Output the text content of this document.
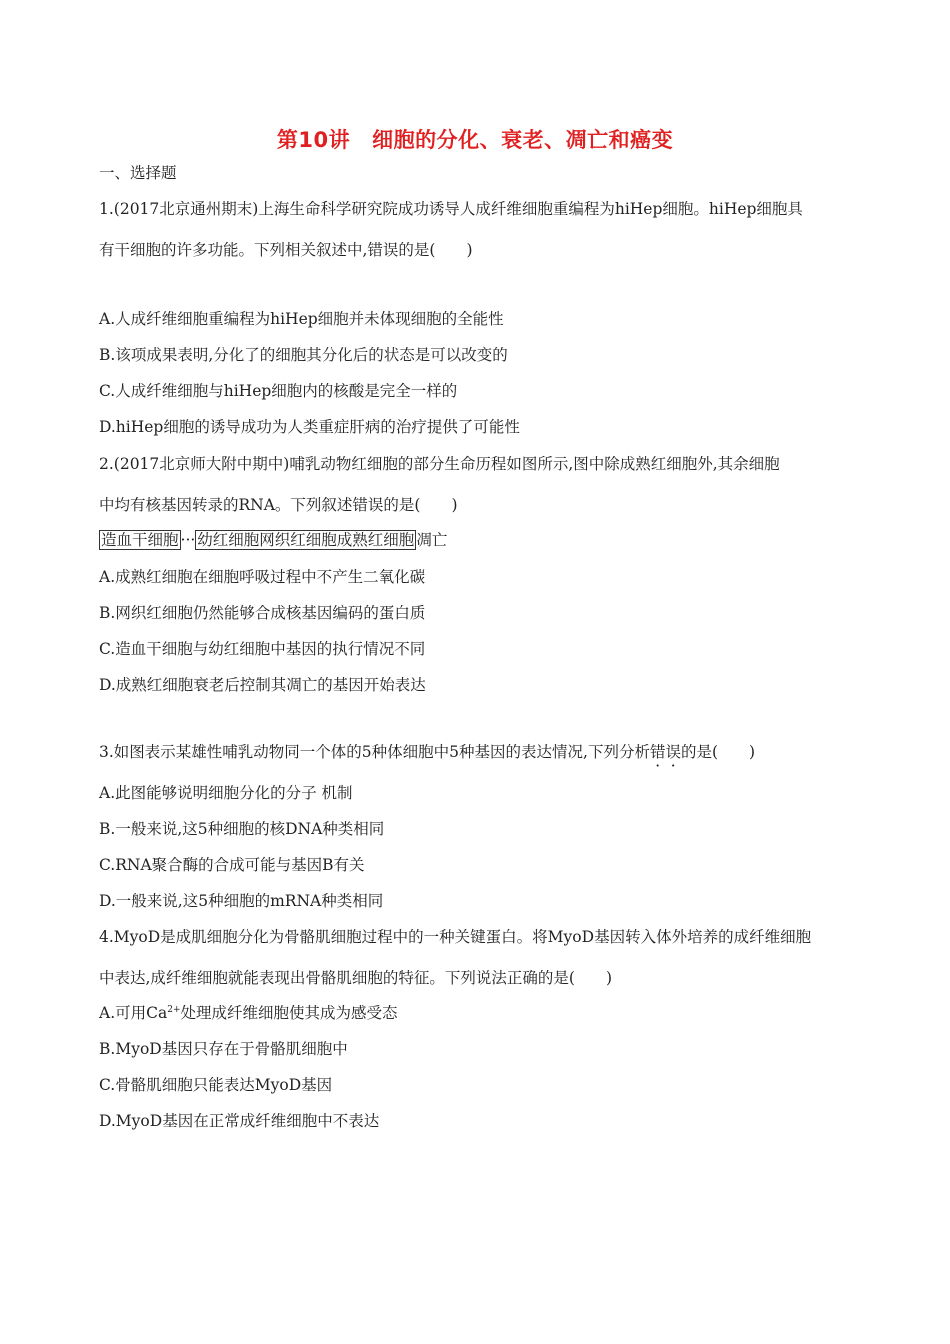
第10讲 细胞的分化、衰老、凋亡和癌变
一、选择题
1.(2017北京通州期末)上海生命科学研究院成功诱导人成纤维细胞重编程为hiHep细胞。hiHep细胞具
有干细胞的许多功能。下列相关叙述中,错误的是(　　)
A.人成纤维细胞重编程为hiHep细胞并未体现细胞的全能性
B.该项成果表明,分化了的细胞其分化后的状态是可以改变的
C.人成纤维细胞与hiHep细胞内的核酸是完全一样的
D.hiHep细胞的诱导成功为人类重症肝病的治疗提供了可能性
2.(2017北京师大附中期中)哺乳动物红细胞的部分生命历程如图所示,图中除成熟红细胞外,其余细胞
中均有核基因转录的RNA。下列叙述错误的是(　　)
造血干细胞 ··· 幼红细胞网织红细胞成熟红细胞 凋亡
A.成熟红细胞在细胞呼吸过程中不产生二氧化碳
B.网织红细胞仍然能够合成核基因编码的蛋白质
C.造血干细胞与幼红细胞中基因的执行情况不同
D.成熟红细胞衰老后控制其凋亡的基因开始表达
3.如图表示某雄性哺乳动物同一个体的5种体细胞中5种基因的表达情况,下列分析错误的是(　　)
A.此图能够说明细胞分化的分子 机制
B.一般来说,这5种细胞的核DNA种类相同
C.RNA聚合酶的合成可能与基因B有关
D.一般来说,这5种细胞的mRNA种类相同
4.MyoD是成肌细胞分化为骨骼肌细胞过程中的一种关键蛋白。将MyoD基因转入体外培养的成纤维细胞
中表达,成纤维细胞就能表现出骨骼肌细胞的特征。下列说法正确的是(　　)
A.可用$Ca^{2+}$处理成纤维细胞使其成为感受态
B.MyoD基因只存在于骨骼肌细胞中
C.骨骼肌细胞只能表达MyoD基因
D.MyoD基因在正常成纤维细胞中不表达
